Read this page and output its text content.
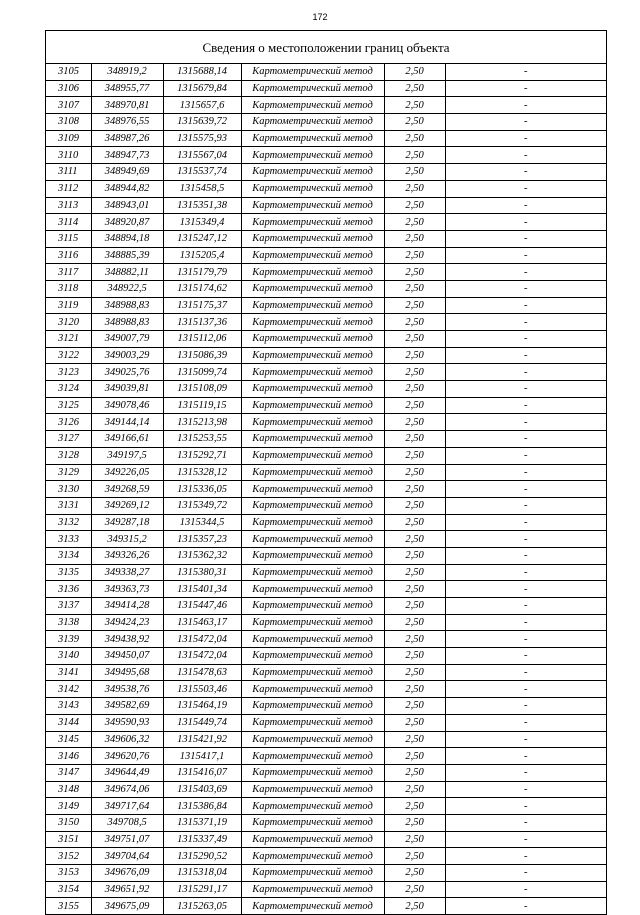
172
Сведения о местоположении границ объекта
3105	348919,2	1315688,14	Картометрический метод	2,50	-
3106	348955,77	1315679,84	Картометрический метод	2,50	-
3107	348970,81	1315657,6	Картометрический метод	2,50	-
3108	348976,55	1315639,72	Картометрический метод	2,50	-
3109	348987,26	1315575,93	Картометрический метод	2,50	-
3110	348947,73	1315567,04	Картометрический метод	2,50	-
3111	348949,69	1315537,74	Картометрический метод	2,50	-
3112	348944,82	1315458,5	Картометрический метод	2,50	-
3113	348943,01	1315351,38	Картометрический метод	2,50	-
3114	348920,87	1315349,4	Картометрический метод	2,50	-
3115	348894,18	1315247,12	Картометрический метод	2,50	-
3116	348885,39	1315205,4	Картометрический метод	2,50	-
3117	348882,11	1315179,79	Картометрический метод	2,50	-
3118	348922,5	1315174,62	Картометрический метод	2,50	-
3119	348988,83	1315175,37	Картометрический метод	2,50	-
3120	348988,83	1315137,36	Картометрический метод	2,50	-
3121	349007,79	1315112,06	Картометрический метод	2,50	-
3122	349003,29	1315086,39	Картометрический метод	2,50	-
3123	349025,76	1315099,74	Картометрический метод	2,50	-
3124	349039,81	1315108,09	Картометрический метод	2,50	-
3125	349078,46	1315119,15	Картометрический метод	2,50	-
3126	349144,14	1315213,98	Картометрический метод	2,50	-
3127	349166,61	1315253,55	Картометрический метод	2,50	-
3128	349197,5	1315292,71	Картометрический метод	2,50	-
3129	349226,05	1315328,12	Картометрический метод	2,50	-
3130	349268,59	1315336,05	Картометрический метод	2,50	-
3131	349269,12	1315349,72	Картометрический метод	2,50	-
3132	349287,18	1315344,5	Картометрический метод	2,50	-
3133	349315,2	1315357,23	Картометрический метод	2,50	-
3134	349326,26	1315362,32	Картометрический метод	2,50	-
3135	349338,27	1315380,31	Картометрический метод	2,50	-
3136	349363,73	1315401,34	Картометрический метод	2,50	-
3137	349414,28	1315447,46	Картометрический метод	2,50	-
3138	349424,23	1315463,17	Картометрический метод	2,50	-
3139	349438,92	1315472,04	Картометрический метод	2,50	-
3140	349450,07	1315472,04	Картометрический метод	2,50	-
3141	349495,68	1315478,63	Картометрический метод	2,50	-
3142	349538,76	1315503,46	Картометрический метод	2,50	-
3143	349582,69	1315464,19	Картометрический метод	2,50	-
3144	349590,93	1315449,74	Картометрический метод	2,50	-
3145	349606,32	1315421,92	Картометрический метод	2,50	-
3146	349620,76	1315417,1	Картометрический метод	2,50	-
3147	349644,49	1315416,07	Картометрический метод	2,50	-
3148	349674,06	1315403,69	Картометрический метод	2,50	-
3149	349717,64	1315386,84	Картометрический метод	2,50	-
3150	349708,5	1315371,19	Картометрический метод	2,50	-
3151	349751,07	1315337,49	Картометрический метод	2,50	-
3152	349704,64	1315290,52	Картометрический метод	2,50	-
3153	349676,09	1315318,04	Картометрический метод	2,50	-
3154	349651,92	1315291,17	Картометрический метод	2,50	-
3155	349675,09	1315263,05	Картометрический метод	2,50	-
